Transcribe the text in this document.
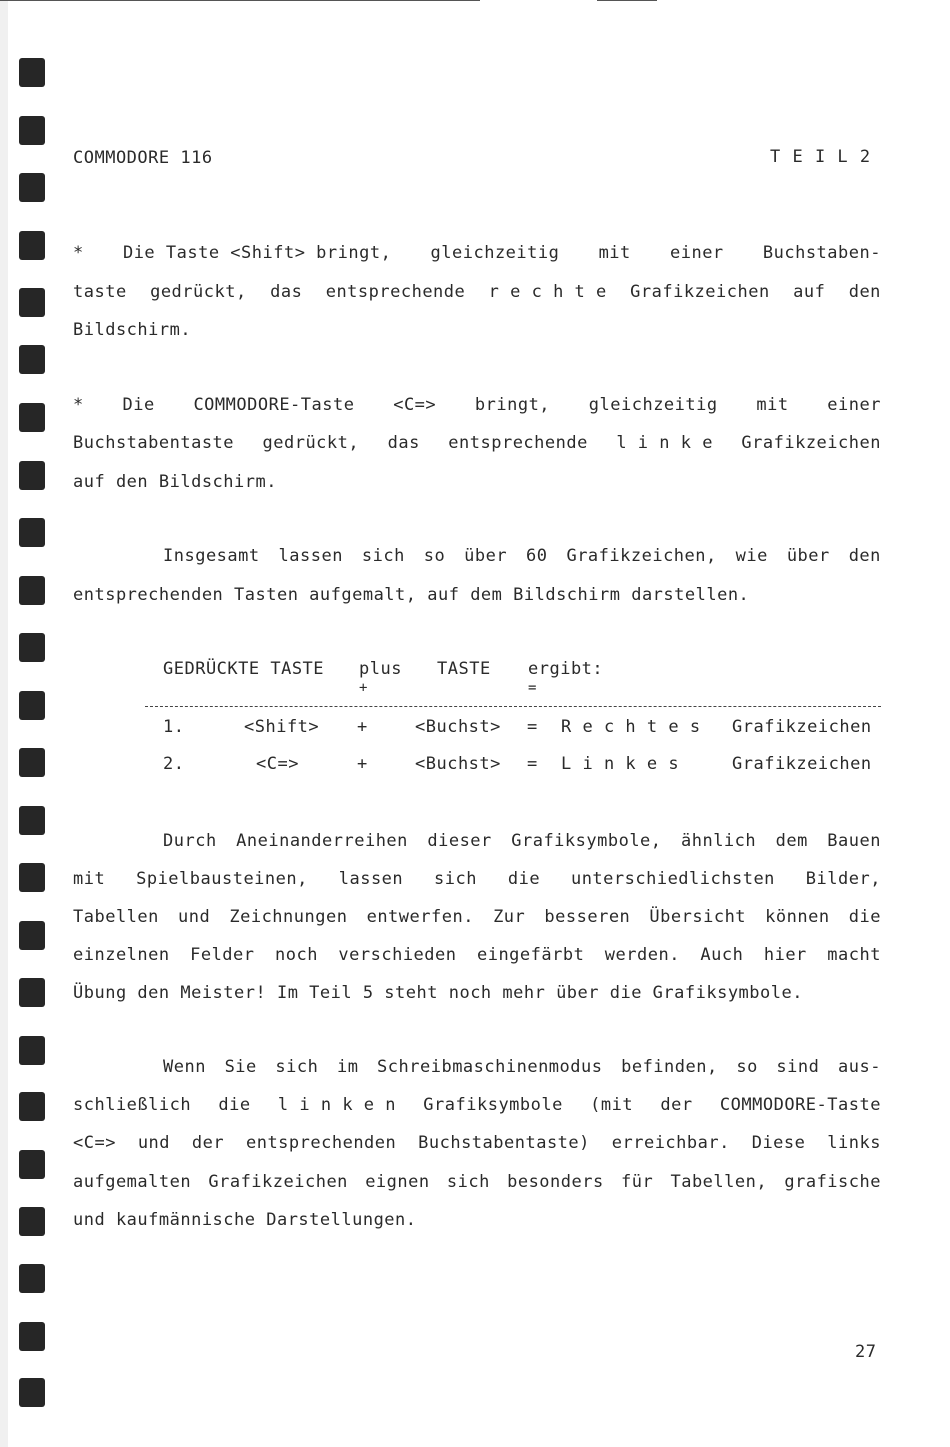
COMMODORE 116	T E I L 2
* Die Taste <Shift> bringt, gleichzeitig mit einer Buchstaben-
taste gedrückt, das entsprechende r e c h t e Grafikzeichen auf den
Bildschirm.
* Die COMMODORE-Taste <C=> bringt, gleichzeitig mit einer
Buchstabentaste gedrückt, das entsprechende l i n k e Grafikzeichen
auf den Bildschirm.
Insgesamt lassen sich so über 60 Grafikzeichen, wie über den
entsprechenden Tasten aufgemalt, auf dem Bildschirm darstellen.
GEDRÜCKTE TASTE plus TASTE ergibt:
+	=
1.	<Shift> +	<Buchst> = R e c h t e s Grafikzeichen
2.	<C=>	+	<Buchst> = L i n k e s	Grafikzeichen
Durch Aneinanderreihen dieser Grafiksymbole, ähnlich dem Bauen
mit Spielbausteinen, lassen sich die unterschiedlichsten Bilder,
Tabellen und Zeichnungen entwerfen. Zur besseren Übersicht können die
einzelnen Felder noch verschieden eingefärbt werden. Auch hier macht
Übung den Meister! Im Teil 5 steht noch mehr über die Grafiksymbole.
Wenn Sie sich im Schreibmaschinenmodus befinden, so sind aus-
schließlich die l i n k e n Grafiksymbole (mit der COMMODORE-Taste
<C=> und der entsprechenden Buchstabentaste) erreichbar. Diese links
aufgemalten Grafikzeichen eignen sich besonders für Tabellen, grafische
und kaufmännische Darstellungen.
27
